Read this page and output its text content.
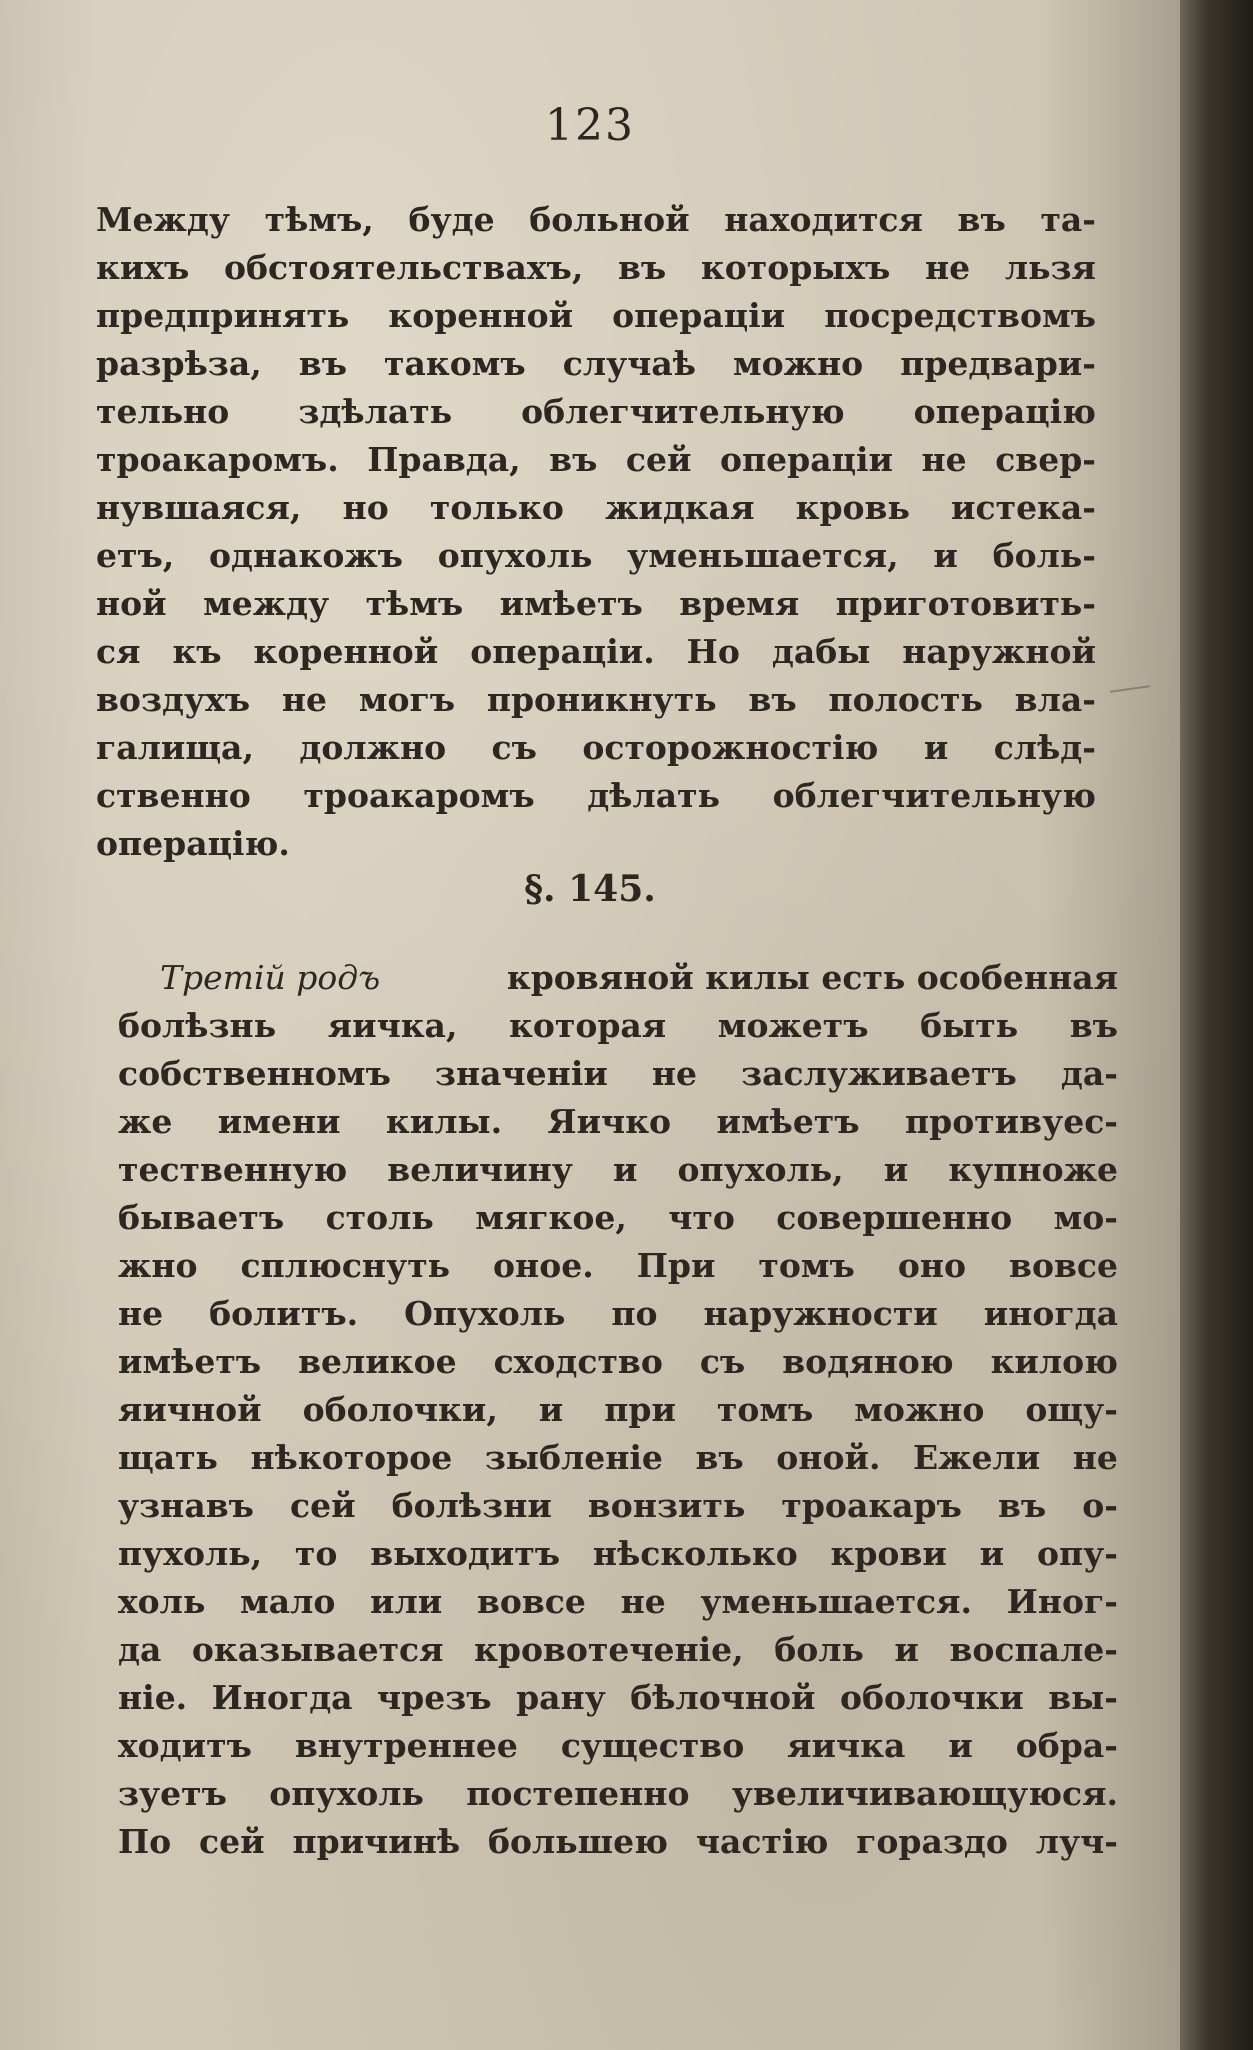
123
Между тѣмъ, буде больной находится въ та-
кихъ обстоятельствахъ, въ которыхъ не льзя
предпринять коренной операціи посредствомъ
разрѣза, въ такомъ случаѣ можно предвари-
тельно здѣлать облегчительную операцію
троакаромъ. Правда, въ сей операціи не свер-
нувшаяся, но только жидкая кровь истека-
етъ, однакожъ опухоль уменьшается, и боль-
ной между тѣмъ имѣетъ время приготовить-
ся къ коренной операціи. Но дабы наружной
воздухъ не могъ проникнуть въ полость влa-
галища, должно съ осторожностію и слѣд-
ственно троакаромъ дѣлать облегчительную
операцію.
§. 145.
Третій родъ	кровяной килы есть особенная
болѣзнь яичка, которая можетъ быть въ
собственномъ значеніи не заслуживаетъ да-
же имени килы. Яичко имѣетъ противуес-
тественную величину и опухоль, и купноже
бываетъ столь мягкое, что совершенно мо-
жно сплюснуть оное. При томъ оно вовсе
не болитъ. Опухоль по наружности иногда
имѣетъ великое сходство съ водяною килою
яичной оболочки, и при томъ можно ощу-
щать нѣкоторое зыбленіе въ оной. Ежели не
узнавъ сей болѣзни вонзить троакаръ въ о-
пухоль, то выходитъ нѣсколько крови и опу-
холь мало или вовсе не уменьшается. Иног-
да оказывается кровотеченіе, боль и воспале-
ніе. Иногда чрезъ рану бѣлочной оболочки вы-
ходитъ внутреннее существо яичка и обра-
зуетъ опухоль постепенно увеличивающуюся.
По сей причинѣ большею частію гораздо луч-
